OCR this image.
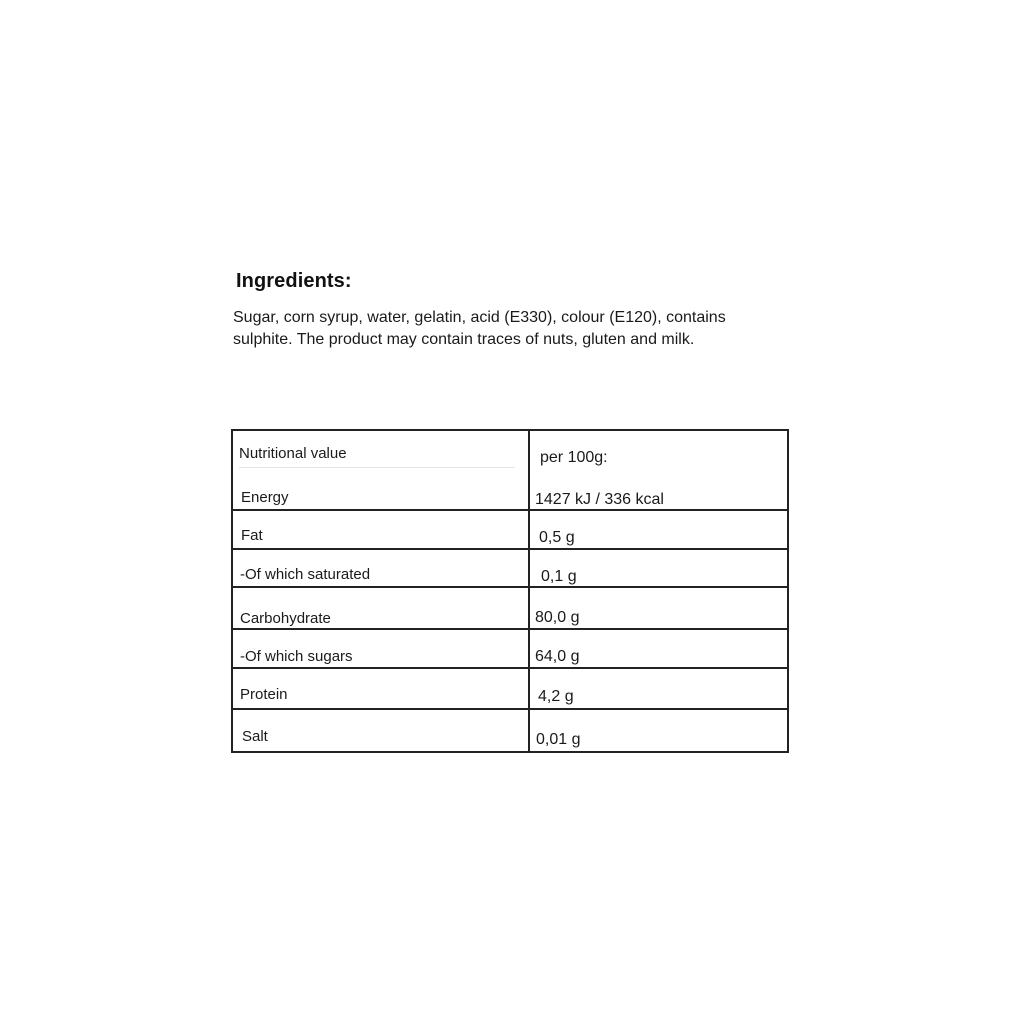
Ingredients:
Sugar, corn syrup, water, gelatin, acid (E330), colour (E120), contains
sulphite. The product may contain traces of nuts, gluten and milk.
Nutritional value	per 100g:
Energy	1427 kJ / 336 kcal
Fat	0,5 g
-Of which saturated	0,1 g
Carbohydrate	80,0 g
-Of which sugars	64,0 g
Protein	4,2 g
Salt	0,01 g
